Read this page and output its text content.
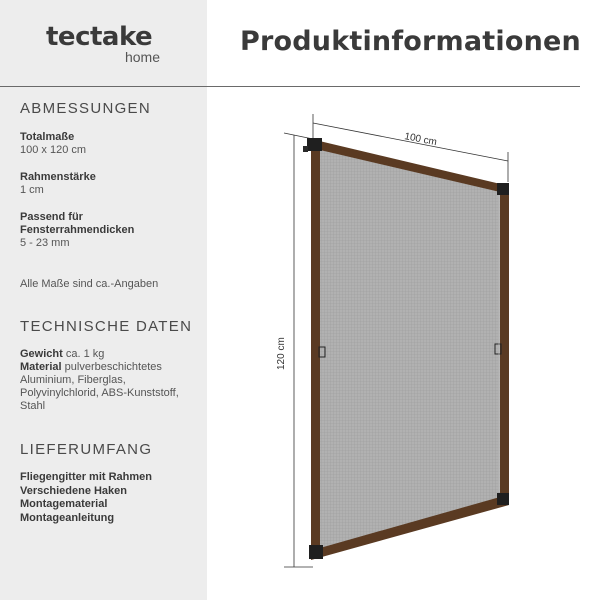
tectake
home
ABMESSUNGEN
Totalmaße
100 x 120 cm
Rahmenstärke
1 cm
Passend für
Fensterrahmendicken
5 - 23 mm
Alle Maße sind ca.-Angaben
TECHNISCHE DATEN
Gewicht ca. 1 kg
Material pulverbeschichtetes Aluminium, Fiberglas, Polyvinylchlorid, ABS-Kunststoff, Stahl
LIEFERUMFANG
Fliegengitter mit Rahmen
Verschiedene Haken
Montagematerial
Montageanleitung
Produktinformationen
100 cm
120 cm
